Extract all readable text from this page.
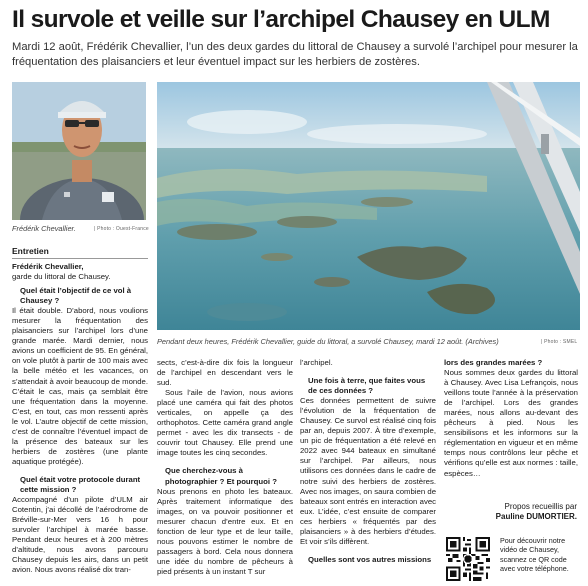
Il survole et veille sur l’archipel Chausey en ULM
Mardi 12 août, Frédérik Chevallier, l’un des deux gardes du littoral de Chausey a survolé l’archipel pour mesurer la fréquentation des plaisanciers et leur éventuel impact sur les herbiers de zostères.
Frédérik Chevallier.	| Photo : Ouest-France
Pendant deux heures, Frédérik Chevallier, guide du littoral, a survolé Chausey, mardi 12 août. (Archives)	| Photo : SMEL
Entretien

Frédérik Chevallier,

garde du littoral de Chausey.

Quel était l’objectif de ce vol à Chausey ?

Il était double. D’abord, nous voulions mesurer la fréquentation des plaisanciers sur l’archipel lors d’une grande marée. Mardi dernier, nous avions un coefficient de 95. En général, on vole plutôt à partir de 100 mais avec la belle météo et les vacances, on s’attendait à avoir beaucoup de monde. C’était le cas, mais ça semblait être une fréquentation dans la moyenne. C’est, en tout, cas mon ressenti après le vol. L’autre objectif de cette mission, c’est de connaître l’éventuel impact de la présence des bateaux sur les herbiers de zostères (une plante aquatique protégée).

Quel était votre protocole durant cette mission ?

Accompagné d’un pilote d’ULM air Cotentin, j’ai décollé de l’aérodrome de Bréville-sur-Mer vers 16 h pour survoler l’archipel à marée basse. Pendant deux heures et à 200 mètres d’altitude, nous avons parcouru Chausey depuis les airs, dans un petit avion. Nous avons réalisé dix tran-

sects, c’est-à-dire dix fois la longueur de l’archipel en descendant vers le sud.

Sous l’aile de l’avion, nous avions placé une caméra qui fait des photos verticales, on appelle ça des orthophotos. Cette caméra grand angle permet - avec les dix transects - de couvrir tout Chausey. Elle prend une image toutes les cinq secondes.

Que cherchez-vous à photographier ? Et pourquoi ?

Nous prenons en photo les bateaux. Après traitement informatique des images, on va pouvoir positionner et mesurer chacun d’entre eux. Et en fonction de leur type et de leur taille, nous pouvons estimer le nombre de passagers à bord. Cela nous donnera une idée du nombre de pêcheurs à pied présents à un instant T sur

l’archipel.

Une fois à terre, que faites vous de ces données ?

Ces données permettent de suivre l’évolution de la fréquentation de Chausey. Ce survol est réalisé cinq fois par an, depuis 2007. À titre d’exemple, un pic de fréquentation a été relevé en 2022 avec 944 bateaux en simultané sur l’archipel. Par ailleurs, nous utilisons ces données dans le cadre de notre suivi des herbiers de zostères. Avec nos images, on saura combien de bateaux sont entrés en interaction avec eux. L’idée, c’est ensuite de comparer ces herbiers « fréquentés par des plaisanciers » à des herbiers d’études. Et voir s’ils diffèrent.

Quelles sont vos autres missions

lors des grandes marées ?

Nous sommes deux gardes du littoral à Chausey. Avec Lisa Lefrançois, nous veillons toute l’année à la préservation de l’archipel. Lors des grandes marées, nous allons au-devant des pêcheurs à pied. Nous les sensibilisons et les informons sur la réglementation en vigueur et en même temps nous contrôlons leur pêche et vérifions qu’elle est aux normes : taille, espèces…

Propos recueillis par
Pauline DUMORTIER.
Pour découvrir notre vidéo de Chausey, scannez ce QR code avec votre téléphone.
